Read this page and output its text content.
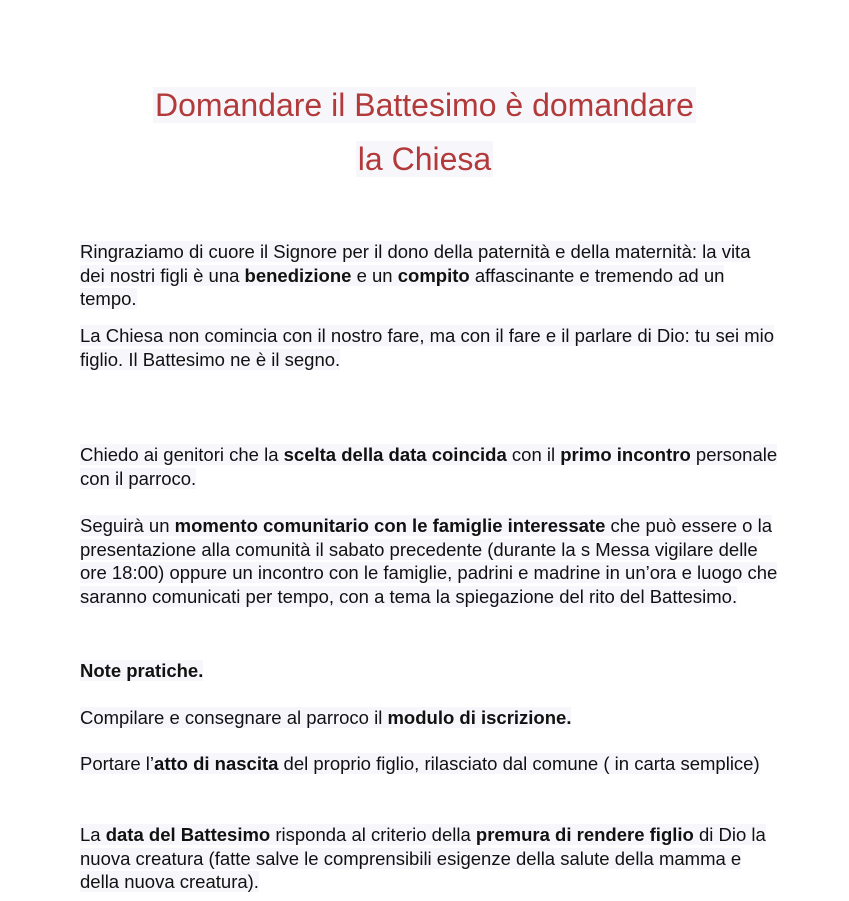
Domandare il Battesimo è domandare
la Chiesa

Ringraziamo di cuore il Signore per il dono della paternità e della maternità: la vita dei nostri figli è una benedizione e un compito affascinante e tremendo ad un tempo.

La Chiesa non comincia con il nostro fare, ma con il fare e il parlare di Dio: tu sei mio figlio. Il Battesimo ne è il segno.

Chiedo ai genitori che la scelta della data coincida con il primo incontro personale con il parroco.

Seguirà un momento comunitario con le famiglie interessate che può essere o la presentazione alla comunità il sabato precedente (durante la s Messa vigilare delle ore 18:00) oppure un incontro con le famiglie, padrini e madrine in un’ora e luogo che saranno comunicati per tempo, con a tema la spiegazione del rito del Battesimo.

Note pratiche.

Compilare e consegnare al parroco il modulo di iscrizione.

Portare l’atto di nascita del proprio figlio, rilasciato dal comune ( in carta semplice)

La data del Battesimo risponda al criterio della premura di rendere figlio di Dio la nuova creatura (fatte salve le comprensibili esigenze della salute della mamma e della nuova creatura).
